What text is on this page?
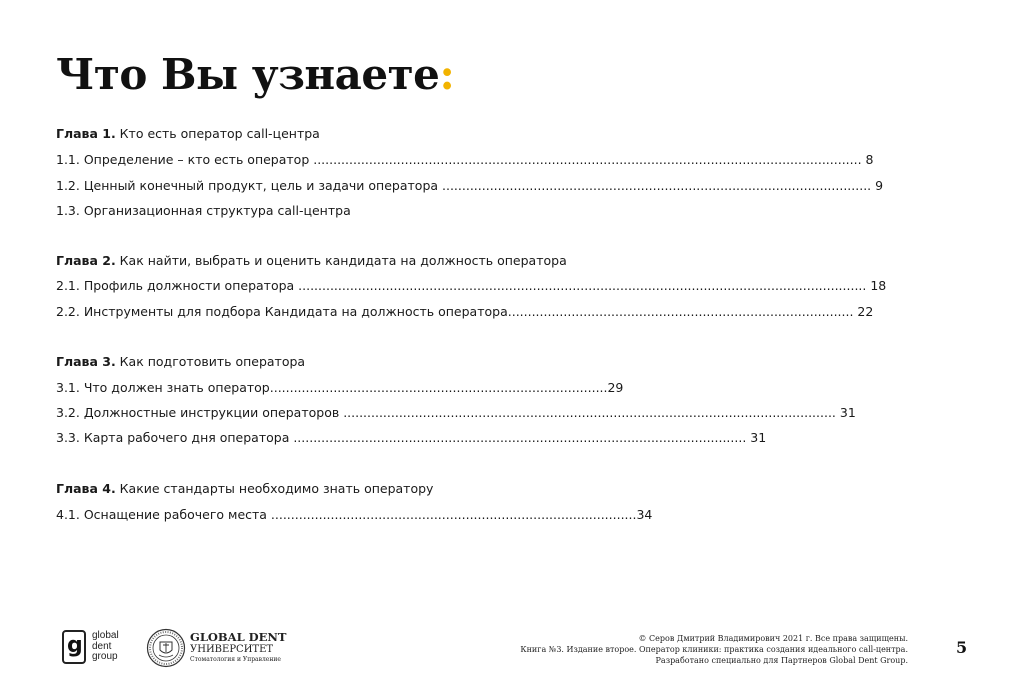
Что Вы узнаете:
Глава 1. Кто есть оператор call-центра
1.1. Определение – кто есть оператор .......................................................................................................................................... 8
1.2. Ценный конечный продукт, цель и задачи оператора ............................................................................................................ 9
1.3. Организационная структура call-центра
Глава 2. Как найти, выбрать и оценить кандидата на должность оператора
2.1. Профиль должности оператора ............................................................................................................................................... 18
2.2. Инструменты для подбора Кандидата на должность оператора....................................................................................... 22
Глава 3. Как подготовить оператора
3.1. Что должен знать оператор.....................................................................................29
3.2. Должностные инструкции операторов ............................................................................................................................ 31
3.3. Карта рабочего дня оператора .................................................................................................................. 31
Глава 4. Какие стандарты необходимо знать оператору
4.1. Оснащение рабочего места ............................................................................................34
g global
dent
group
GLOBAL DENT
УНИВЕРСИТЕТ
Стоматология и Управление
© Серов Дмитрий Владимирович 2021 г. Все права защищены.
Книга №3. Издание второе. Оператор клиники: практика создания идеального call-центра.
Разработано специально для Партнеров Global Dent Group.
5
